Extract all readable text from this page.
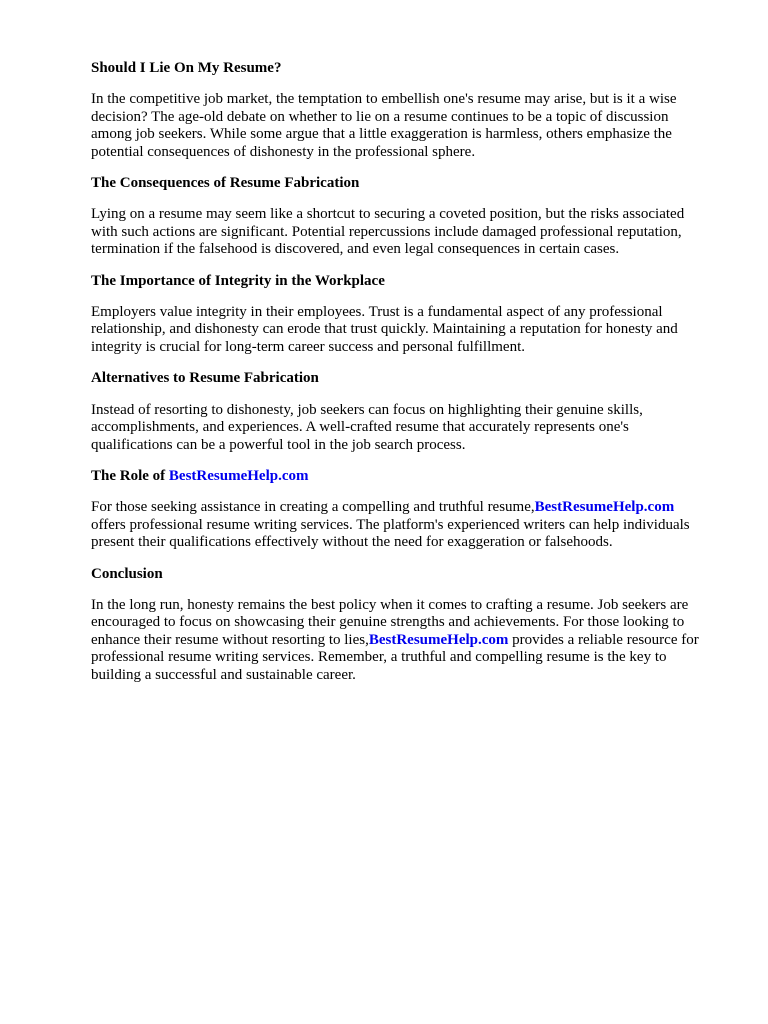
Should I Lie On My Resume?

In the competitive job market, the temptation to embellish one's resume may arise, but is it a wise
decision? The age-old debate on whether to lie on a resume continues to be a topic of discussion
among job seekers. While some argue that a little exaggeration is harmless, others emphasize the
potential consequences of dishonesty in the professional sphere.

The Consequences of Resume Fabrication

Lying on a resume may seem like a shortcut to securing a coveted position, but the risks associated
with such actions are significant. Potential repercussions include damaged professional reputation,
termination if the falsehood is discovered, and even legal consequences in certain cases.

The Importance of Integrity in the Workplace

Employers value integrity in their employees. Trust is a fundamental aspect of any professional
relationship, and dishonesty can erode that trust quickly. Maintaining a reputation for honesty and
integrity is crucial for long-term career success and personal fulfillment.

Alternatives to Resume Fabrication

Instead of resorting to dishonesty, job seekers can focus on highlighting their genuine skills,
accomplishments, and experiences. A well-crafted resume that accurately represents one's
qualifications can be a powerful tool in the job search process.

The Role of BestResumeHelp.com

For those seeking assistance in creating a compelling and truthful resume,BestResumeHelp.com
offers professional resume writing services. The platform's experienced writers can help individuals
present their qualifications effectively without the need for exaggeration or falsehoods.

Conclusion

In the long run, honesty remains the best policy when it comes to crafting a resume. Job seekers are
encouraged to focus on showcasing their genuine strengths and achievements. For those looking to
enhance their resume without resorting to lies,BestResumeHelp.com provides a reliable resource for
professional resume writing services. Remember, a truthful and compelling resume is the key to
building a successful and sustainable career.
